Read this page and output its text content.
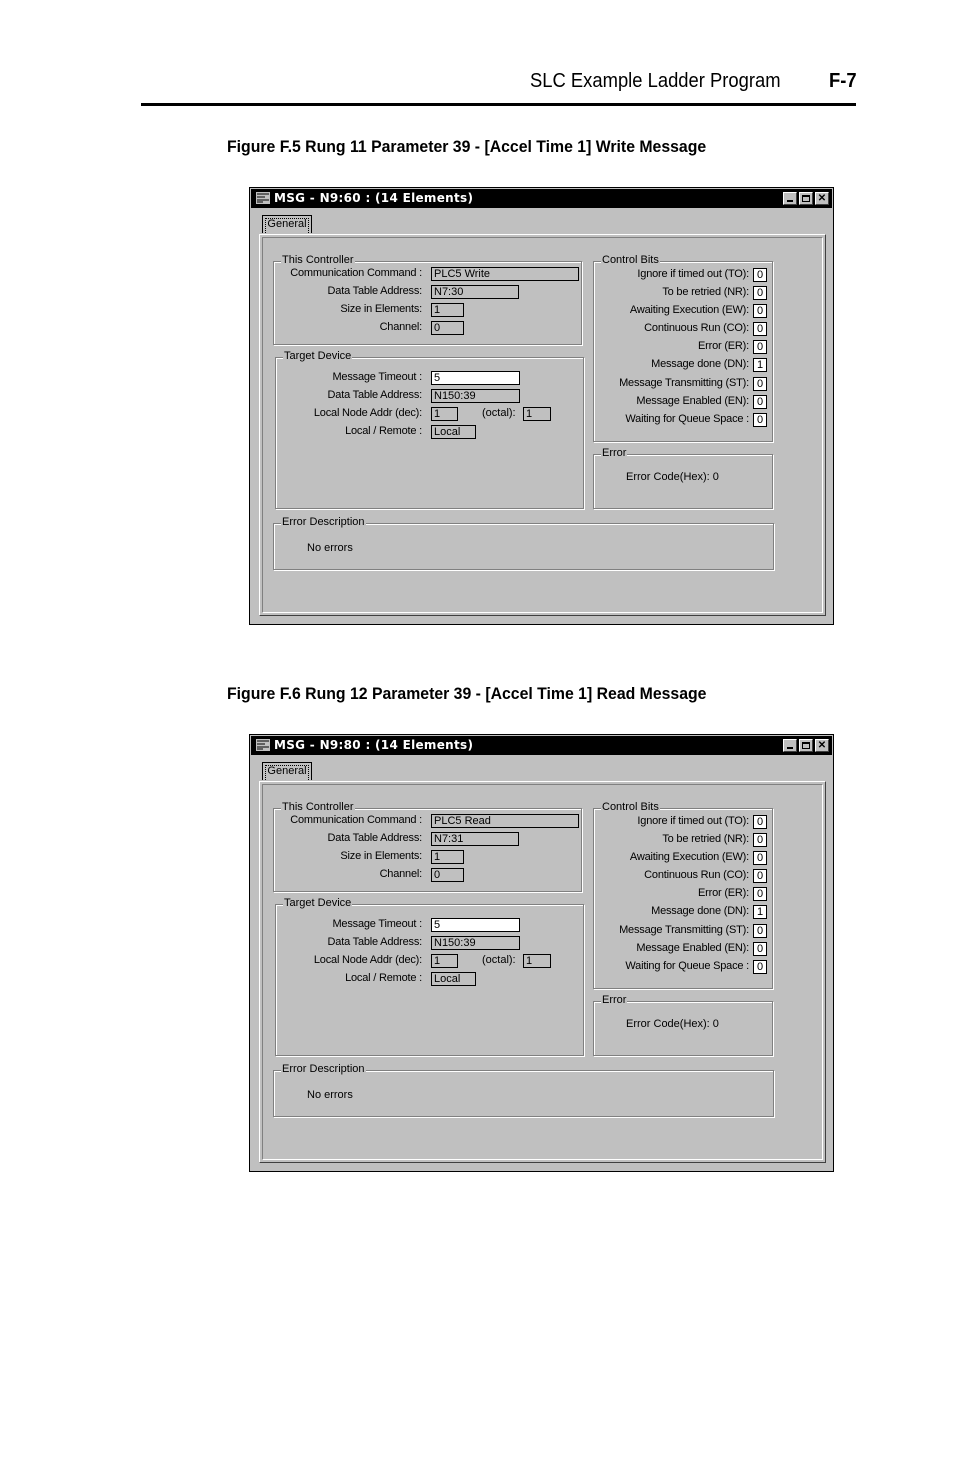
SLC Example Ladder Program F-7
Figure F.5 Rung 11 Parameter 39 - [Accel Time 1] Write Message
MSG - N9:60 : (14 Elements)	✕
General
This Controller
Communication Command : PLC5 Write
Data Table Address: N7:30
Size in Elements: 1
Channel: 0
Target Device
Message Timeout : 5
Data Table Address: N150:39
Local Node Addr (dec): 1	(octal): 1
Local / Remote : Local
Control Bits
Ignore if timed out (TO): 0
To be retried (NR): 0
Awaiting Execution (EW): 0
Continuous Run (CO): 0
Error (ER): 0
Message done (DN): 1
Message Transmitting (ST): 0
Message Enabled (EN): 0
Waiting for Queue Space : 0
Error
Error Code(Hex): 0
Error Description
No errors
Figure F.6 Rung 12 Parameter 39 - [Accel Time 1] Read Message
MSG - N9:80 : (14 Elements)	✕
General
This Controller
Communication Command : PLC5 Read
Data Table Address: N7:31
Size in Elements: 1
Channel: 0
Target Device
Message Timeout : 5
Data Table Address: N150:39
Local Node Addr (dec): 1	(octal): 1
Local / Remote : Local
Control Bits
Ignore if timed out (TO): 0
To be retried (NR): 0
Awaiting Execution (EW): 0
Continuous Run (CO): 0
Error (ER): 0
Message done (DN): 1
Message Transmitting (ST): 0
Message Enabled (EN): 0
Waiting for Queue Space : 0
Error
Error Code(Hex): 0
Error Description
No errors
